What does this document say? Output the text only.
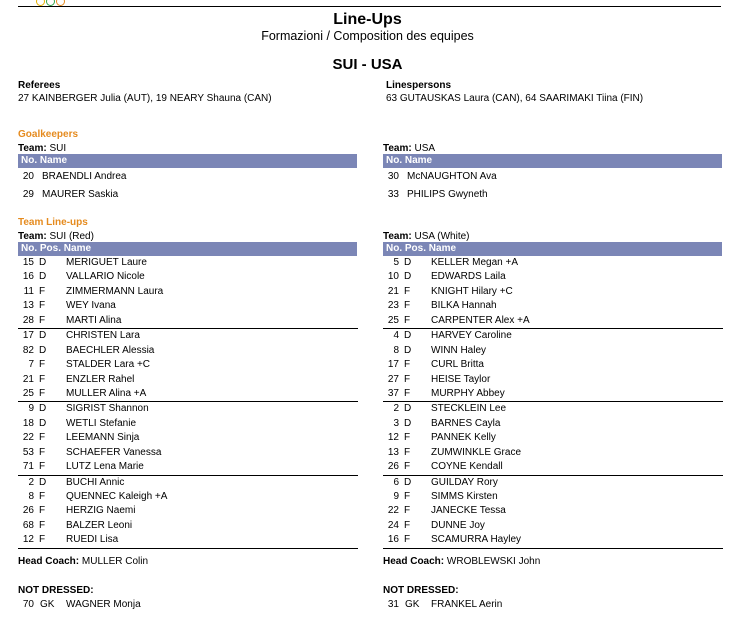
Line-Ups
Formazioni / Composition des equipes
SUI - USA
Referees
27 KAINBERGER Julia (AUT), 19 NEARY Shauna (CAN)
Linespersons
63 GUTAUSKAS Laura (CAN), 64 SAARIMAKI Tiina (FIN)
Goalkeepers
Team: SUI
No. Name
20 BRAENDLI Andrea
29 MAURER Saskia
Team: USA
No. Name
30 McNAUGHTON Ava
33 PHILIPS Gwyneth
Team Line-ups
Team: SUI (Red)
No. Pos. Name
15 D MERIGUET Laure
16 D VALLARIO Nicole
11 F ZIMMERMANN Laura
13 F WEY Ivana
28 F MARTI Alina
17 D CHRISTEN Lara
82 D BAECHLER Alessia
7 F STALDER Lara +C
21 F ENZLER Rahel
25 F MULLER Alina +A
9 D SIGRIST Shannon
18 D WETLI Stefanie
22 F LEEMANN Sinja
53 F SCHAEFER Vanessa
71 F LUTZ Lena Marie
2 D BUCHI Annic
8 F QUENNEC Kaleigh +A
26 F HERZIG Naemi
68 F BALZER Leoni
12 F RUEDI Lisa
Head Coach: MULLER Colin
Team: USA (White)
No. Pos. Name
5 D KELLER Megan +A
10 D EDWARDS Laila
21 F KNIGHT Hilary +C
23 F BILKA Hannah
25 F CARPENTER Alex +A
4 D HARVEY Caroline
8 D WINN Haley
17 F CURL Britta
27 F HEISE Taylor
37 F MURPHY Abbey
2 D STECKLEIN Lee
3 D BARNES Cayla
12 F PANNEK Kelly
13 F ZUMWINKLE Grace
26 F COYNE Kendall
6 D GUILDAY Rory
9 F SIMMS Kirsten
22 F JANECKE Tessa
24 F DUNNE Joy
16 F SCAMURRA Hayley
Head Coach: WROBLEWSKI John
NOT DRESSED:
70 GK WAGNER Monja
NOT DRESSED:
31 GK FRANKEL Aerin
